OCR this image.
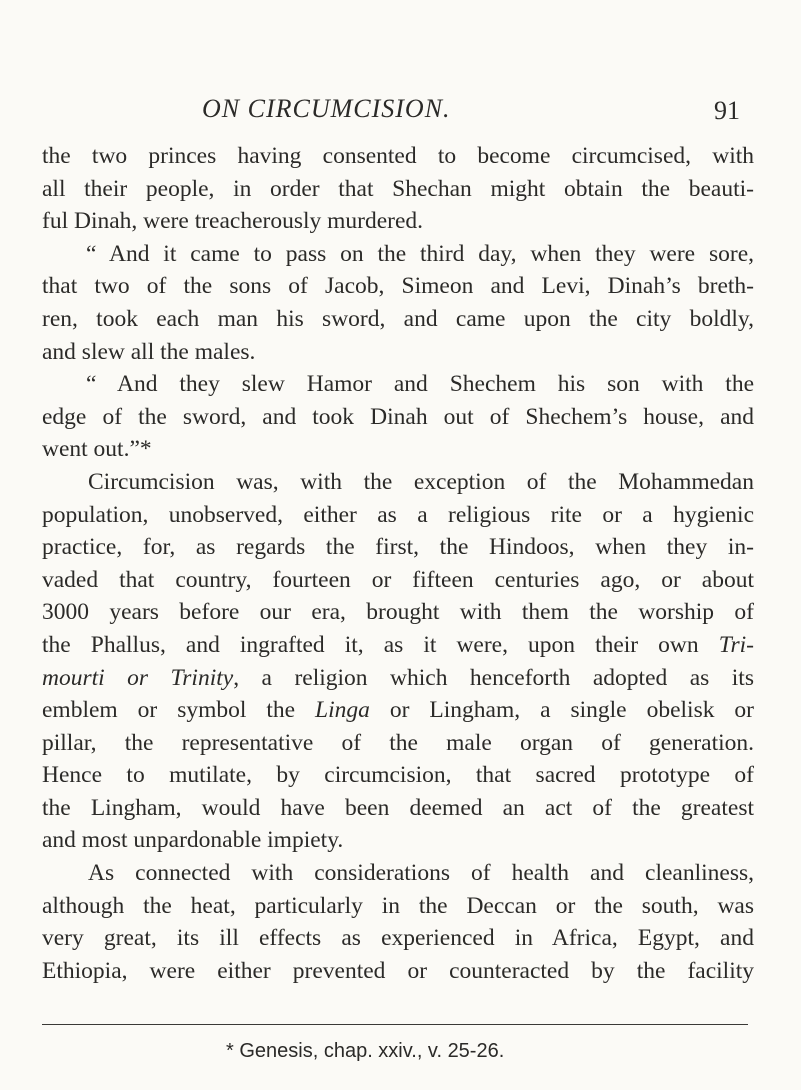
ON CIRCUMCISION.	91
the two princes having consented to become circumcised, with
all their people, in order that Shechan might obtain the beauti-
ful Dinah, were treacherously murdered.
“ And it came to pass on the third day, when they were sore,
that two of the sons of Jacob, Simeon and Levi, Dinah’s breth-
ren, took each man his sword, and came upon the city boldly,
and slew all the males.
“ And they slew Hamor and Shechem his son with the
edge of the sword, and took Dinah out of Shechem’s house, and
went out.”*
Circumcision was, with the exception of the Mohammedan
population, unobserved, either as a religious rite or a hygienic
practice, for, as regards the first, the Hindoos, when they in-
vaded that country, fourteen or fifteen centuries ago, or about
3000 years before our era, brought with them the worship of
the Phallus, and ingrafted it, as it were, upon their own Tri-
mourti or Trinity, a religion which henceforth adopted as its
emblem or symbol the Linga or Lingham, a single obelisk or
pillar, the representative of the male organ of generation.
Hence to mutilate, by circumcision, that sacred prototype of
the Lingham, would have been deemed an act of the greatest
and most unpardonable impiety.
As connected with considerations of health and cleanliness,
although the heat, particularly in the Deccan or the south, was
very great, its ill effects as experienced in Africa, Egypt, and
Ethiopia, were either prevented or counteracted by the facility
* Genesis, chap. xxiv., v. 25-26.
